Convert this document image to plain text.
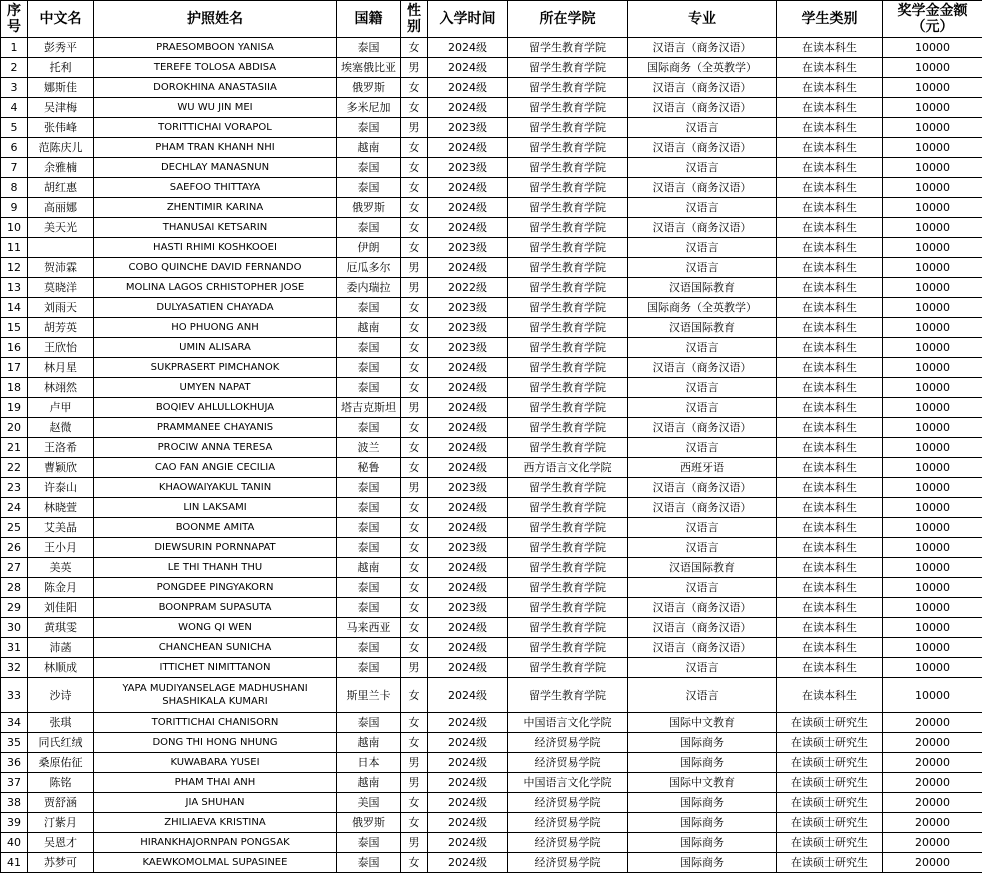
序号	中文名	护照姓名	国籍	性别	入学时间	所在学院	专业	学生类别	奖学金金额（元）
1	彭秀平	PRAESOMBOON YANISA	泰国	女	2024级	留学生教育学院	汉语言（商务汉语）	在读本科生	10000
2	托利	TEREFE TOLOSA ABDISA	埃塞俄比亚	男	2024级	留学生教育学院	国际商务（全英教学）	在读本科生	10000
3	娜斯佳	DOROKHINA ANASTASIIA	俄罗斯	女	2024级	留学生教育学院	汉语言（商务汉语）	在读本科生	10000
4	吴津梅	WU WU JIN MEI	多米尼加	女	2024级	留学生教育学院	汉语言（商务汉语）	在读本科生	10000
5	张伟峰	TORITTICHAI VORAPOL	泰国	男	2023级	留学生教育学院	汉语言	在读本科生	10000
6	范陈庆儿	PHAM TRAN KHANH NHI	越南	女	2024级	留学生教育学院	汉语言（商务汉语）	在读本科生	10000
7	余雅楠	DECHLAY MANASNUN	泰国	女	2023级	留学生教育学院	汉语言	在读本科生	10000
8	胡红惠	SAEFOO THITTAYA	泰国	女	2024级	留学生教育学院	汉语言（商务汉语）	在读本科生	10000
9	高丽娜	ZHENTIMIR KARINA	俄罗斯	女	2024级	留学生教育学院	汉语言	在读本科生	10000
10	美天光	THANUSAI KETSARIN	泰国	女	2024级	留学生教育学院	汉语言（商务汉语）	在读本科生	10000
11		HASTI RHIMI KOSHKOOEI	伊朗	女	2023级	留学生教育学院	汉语言	在读本科生	10000
12	贺沛霖	COBO QUINCHE DAVID FERNANDO	厄瓜多尔	男	2024级	留学生教育学院	汉语言	在读本科生	10000
13	莫晓洋	MOLINA LAGOS CRHISTOPHER JOSE	委内瑞拉	男	2022级	留学生教育学院	汉语国际教育	在读本科生	10000
14	刘雨天	DULYASATIEN CHAYADA	泰国	女	2023级	留学生教育学院	国际商务（全英教学）	在读本科生	10000
15	胡芳英	HO PHUONG ANH	越南	女	2023级	留学生教育学院	汉语国际教育	在读本科生	10000
16	王欣怡	UMIN ALISARA	泰国	女	2023级	留学生教育学院	汉语言	在读本科生	10000
17	林月星	SUKPRASERT PIMCHANOK	泰国	女	2024级	留学生教育学院	汉语言（商务汉语）	在读本科生	10000
18	林翊然	UMYEN NAPAT	泰国	女	2024级	留学生教育学院	汉语言	在读本科生	10000
19	卢甲	BOQIEV AHLULLOKHUJA	塔吉克斯坦	男	2024级	留学生教育学院	汉语言	在读本科生	10000
20	赵微	PRAMMANEE CHAYANIS	泰国	女	2024级	留学生教育学院	汉语言（商务汉语）	在读本科生	10000
21	王洛希	PROCIW ANNA TERESA	波兰	女	2024级	留学生教育学院	汉语言	在读本科生	10000
22	曹颖欣	CAO FAN ANGIE CECILIA	秘鲁	女	2024级	西方语言文化学院	西班牙语	在读本科生	10000
23	许泰山	KHAOWAIYAKUL TANIN	泰国	男	2023级	留学生教育学院	汉语言（商务汉语）	在读本科生	10000
24	林晓萱	LIN LAKSAMI	泰国	女	2024级	留学生教育学院	汉语言（商务汉语）	在读本科生	10000
25	艾美晶	BOONME AMITA	泰国	女	2024级	留学生教育学院	汉语言	在读本科生	10000
26	王小月	DIEWSURIN PORNNAPAT	泰国	女	2023级	留学生教育学院	汉语言	在读本科生	10000
27	美英	LE THI THANH THU	越南	女	2024级	留学生教育学院	汉语国际教育	在读本科生	10000
28	陈金月	PONGDEE PINGYAKORN	泰国	女	2024级	留学生教育学院	汉语言	在读本科生	10000
29	刘佳阳	BOONPRAM SUPASUTA	泰国	女	2023级	留学生教育学院	汉语言（商务汉语）	在读本科生	10000
30	黄琪雯	WONG QI WEN	马来西亚	女	2024级	留学生教育学院	汉语言（商务汉语）	在读本科生	10000
31	沛菡	CHANCHEAN SUNICHA	泰国	女	2024级	留学生教育学院	汉语言（商务汉语）	在读本科生	10000
32	林顺成	ITTICHET NIMITTANON	泰国	男	2024级	留学生教育学院	汉语言	在读本科生	10000
33	沙诗	YAPA MUDIYANSELAGE MADHUSHANI SHASHIKALA KUMARI	斯里兰卡	女	2024级	留学生教育学院	汉语言	在读本科生	10000
34	张琪	TORITTICHAI CHANISORN	泰国	女	2024级	中国语言文化学院	国际中文教育	在读硕士研究生	20000
35	同氏红绒	DONG THI HONG NHUNG	越南	女	2024级	经济贸易学院	国际商务	在读硕士研究生	20000
36	桑原佑征	KUWABARA YUSEI	日本	男	2024级	经济贸易学院	国际商务	在读硕士研究生	20000
37	陈铭	PHAM THAI ANH	越南	男	2024级	中国语言文化学院	国际中文教育	在读硕士研究生	20000
38	贾舒涵	JIA SHUHAN	美国	女	2024级	经济贸易学院	国际商务	在读硕士研究生	20000
39	汀紫月	ZHILIAEVA KRISTINA	俄罗斯	女	2024级	经济贸易学院	国际商务	在读硕士研究生	20000
40	吴恩才	HIRANKHAJORNPAN PONGSAK	泰国	男	2024级	经济贸易学院	国际商务	在读硕士研究生	20000
41	苏梦可	KAEWKOMOLMAL SUPASINEE	泰国	女	2024级	经济贸易学院	国际商务	在读硕士研究生	20000
